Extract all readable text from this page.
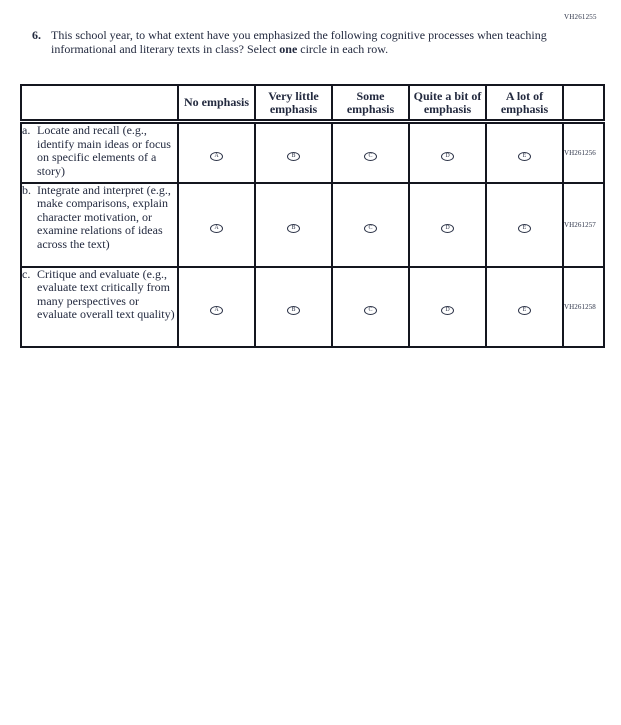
VH261255
6. This school year, to what extent have you emphasized the following cognitive processes when teaching informational and literary texts in class? Select one circle in each row.

	No emphasis	Very little emphasis	Some emphasis	Quite a bit of emphasis	A lot of emphasis	

a. Locate and recall (e.g., identify main ideas or focus on specific elements of a story)	A	B	C	D	E	VH261256

b. Integrate and interpret (e.g., make comparisons, explain character motivation, or examine relations of ideas across the text)	A	B	C	D	E	VH261257

c. Critique and evaluate (e.g., evaluate text critically from many perspectives or evaluate overall text quality)	A	B	C	D	E	VH261258
